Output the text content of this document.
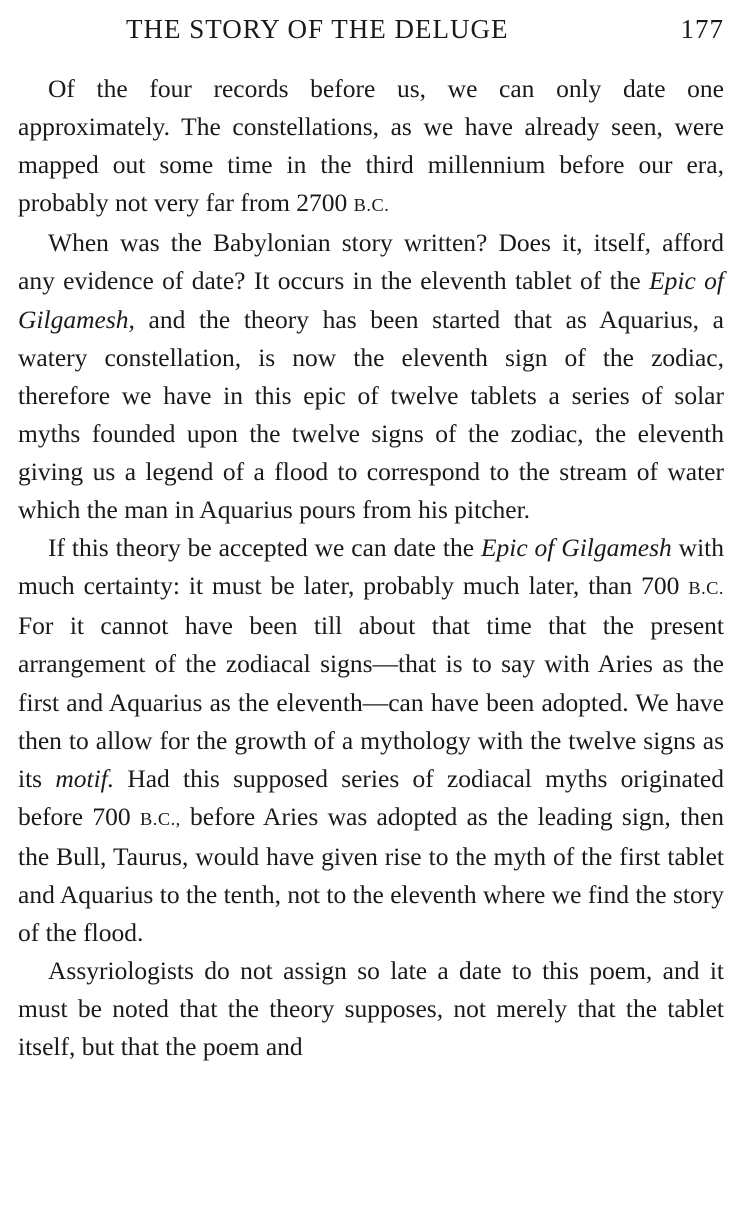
THE STORY OF THE DELUGE	177

Of the four records before us, we can only date one approximately. The constellations, as we have already seen, were mapped out some time in the third millennium before our era, probably not very far from 2700 B.C.

When was the Babylonian story written? Does it, itself, afford any evidence of date? It occurs in the eleventh tablet of the Epic of Gilgamesh, and the theory has been started that as Aquarius, a watery constellation, is now the eleventh sign of the zodiac, therefore we have in this epic of twelve tablets a series of solar myths founded upon the twelve signs of the zodiac, the eleventh giving us a legend of a flood to correspond to the stream of water which the man in Aquarius pours from his pitcher.

If this theory be accepted we can date the Epic of Gilgamesh with much certainty: it must be later, probably much later, than 700 B.C. For it cannot have been till about that time that the present arrangement of the zodiacal signs—that is to say with Aries as the first and Aquarius as the eleventh—can have been adopted. We have then to allow for the growth of a mythology with the twelve signs as its motif. Had this supposed series of zodiacal myths originated before 700 B.C., before Aries was adopted as the leading sign, then the Bull, Taurus, would have given rise to the myth of the first tablet and Aquarius to the tenth, not to the eleventh where we find the story of the flood.

Assyriologists do not assign so late a date to this poem, and it must be noted that the theory supposes, not merely that the tablet itself, but that the poem and
